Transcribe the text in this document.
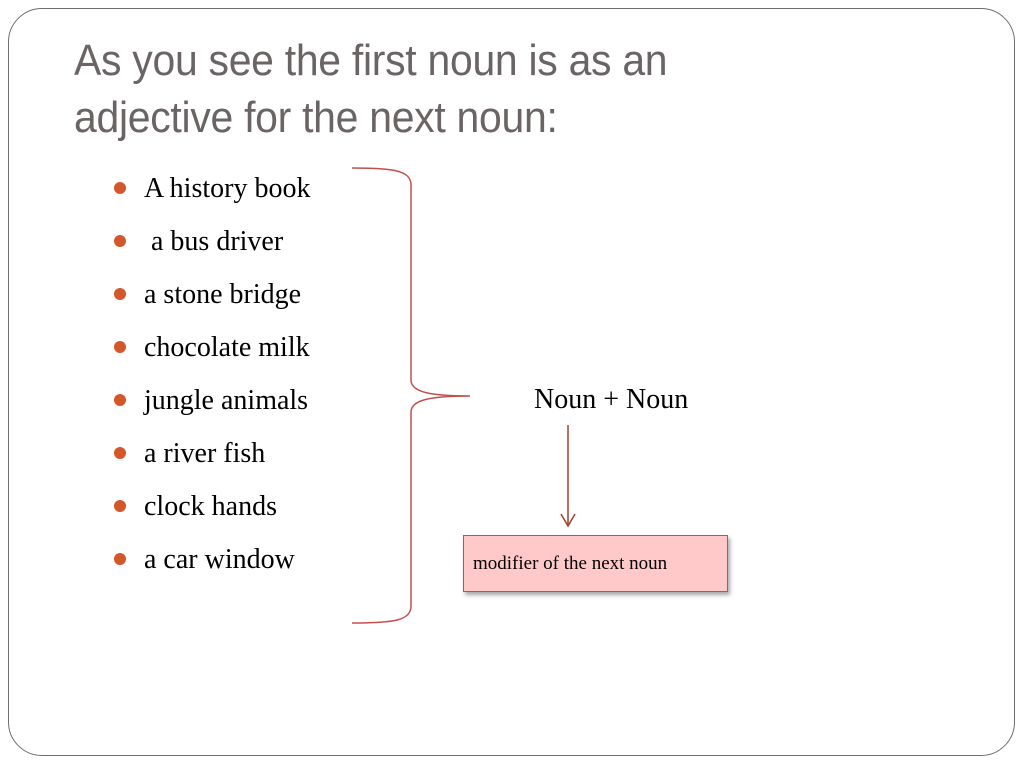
As you see the first noun is as an
adjective for the next noun:
A history book
a bus driver
a stone bridge
chocolate milk
jungle animals
a river fish
clock hands
a car window
Noun + Noun
modifier of the next noun
